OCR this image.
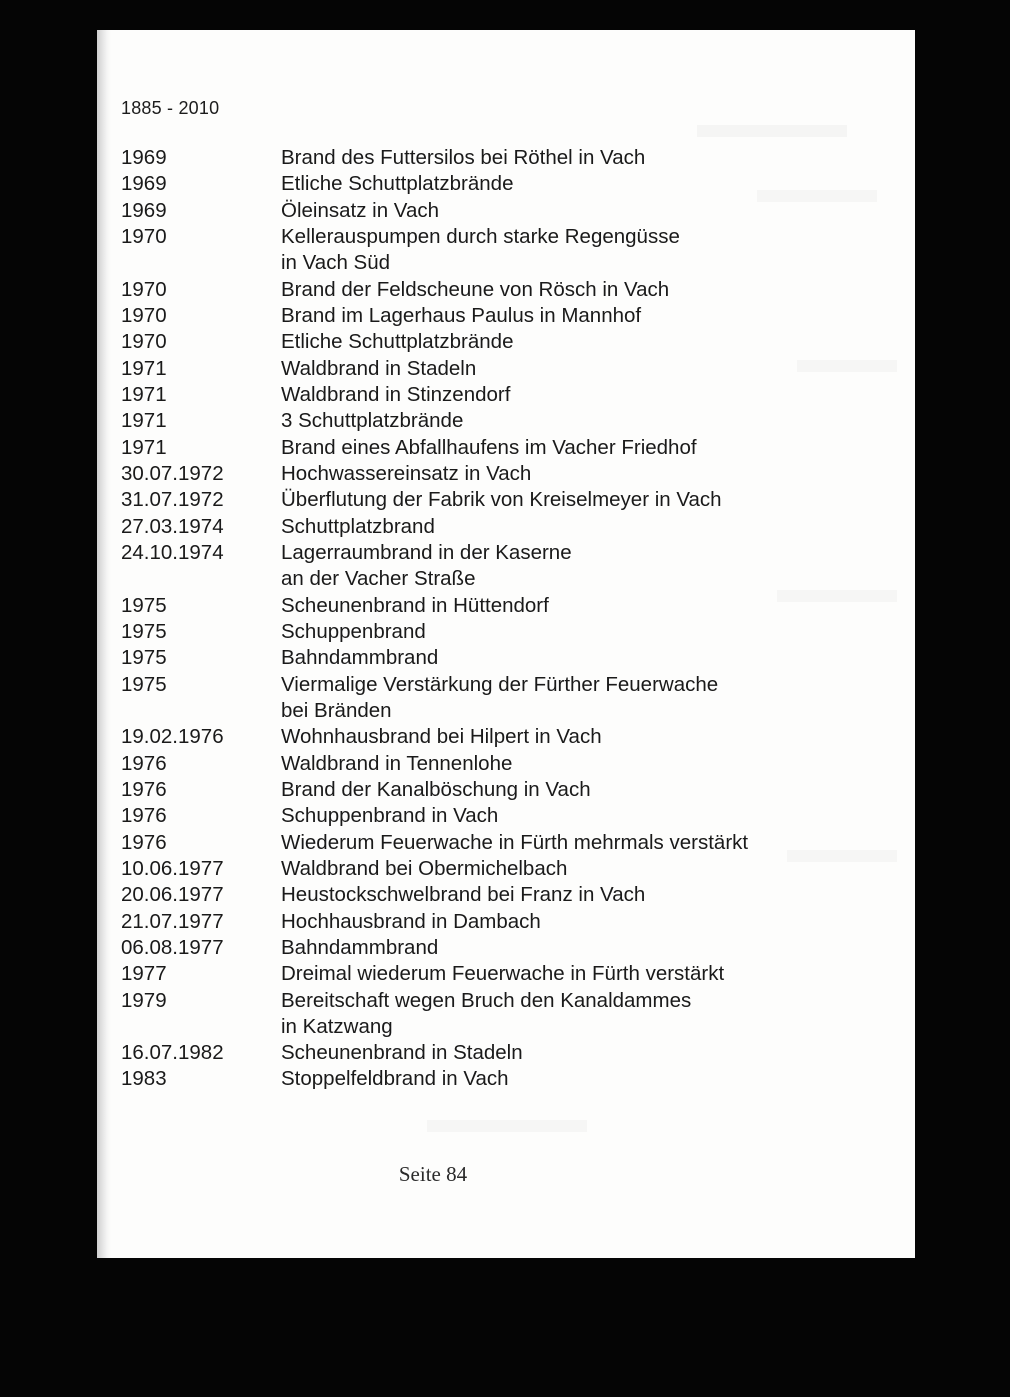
1885 - 2010
1969	Brand des Futtersilos bei Röthel in Vach
1969	Etliche Schuttplatzbrände
1969	Öleinsatz in Vach
1970	Kellerauspumpen durch starke Regengüsse
in Vach Süd
1970	Brand der Feldscheune von Rösch in Vach
1970	Brand im Lagerhaus Paulus in Mannhof
1970	Etliche Schuttplatzbrände
1971	Waldbrand in Stadeln
1971	Waldbrand in Stinzendorf
1971	3 Schuttplatzbrände
1971	Brand eines Abfallhaufens im Vacher Friedhof
30.07.1972	Hochwassereinsatz in Vach
31.07.1972	Überflutung der Fabrik von Kreiselmeyer in Vach
27.03.1974	Schuttplatzbrand
24.10.1974	Lagerraumbrand in der Kaserne
an der Vacher Straße
1975	Scheunenbrand in Hüttendorf
1975	Schuppenbrand
1975	Bahndammbrand
1975	Viermalige Verstärkung der Fürther Feuerwache
bei Bränden
19.02.1976	Wohnhausbrand bei Hilpert in Vach
1976	Waldbrand in Tennenlohe
1976	Brand der Kanalböschung in Vach
1976	Schuppenbrand in Vach
1976	Wiederum Feuerwache in Fürth mehrmals verstärkt
10.06.1977	Waldbrand bei Obermichelbach
20.06.1977	Heustockschwelbrand bei Franz in Vach
21.07.1977	Hochhausbrand in Dambach
06.08.1977	Bahndammbrand
1977	Dreimal wiederum Feuerwache in Fürth verstärkt
1979	Bereitschaft wegen Bruch den Kanaldammes
in Katzwang
16.07.1982	Scheunenbrand in Stadeln
1983	Stoppelfeldbrand in Vach

Seite 84
